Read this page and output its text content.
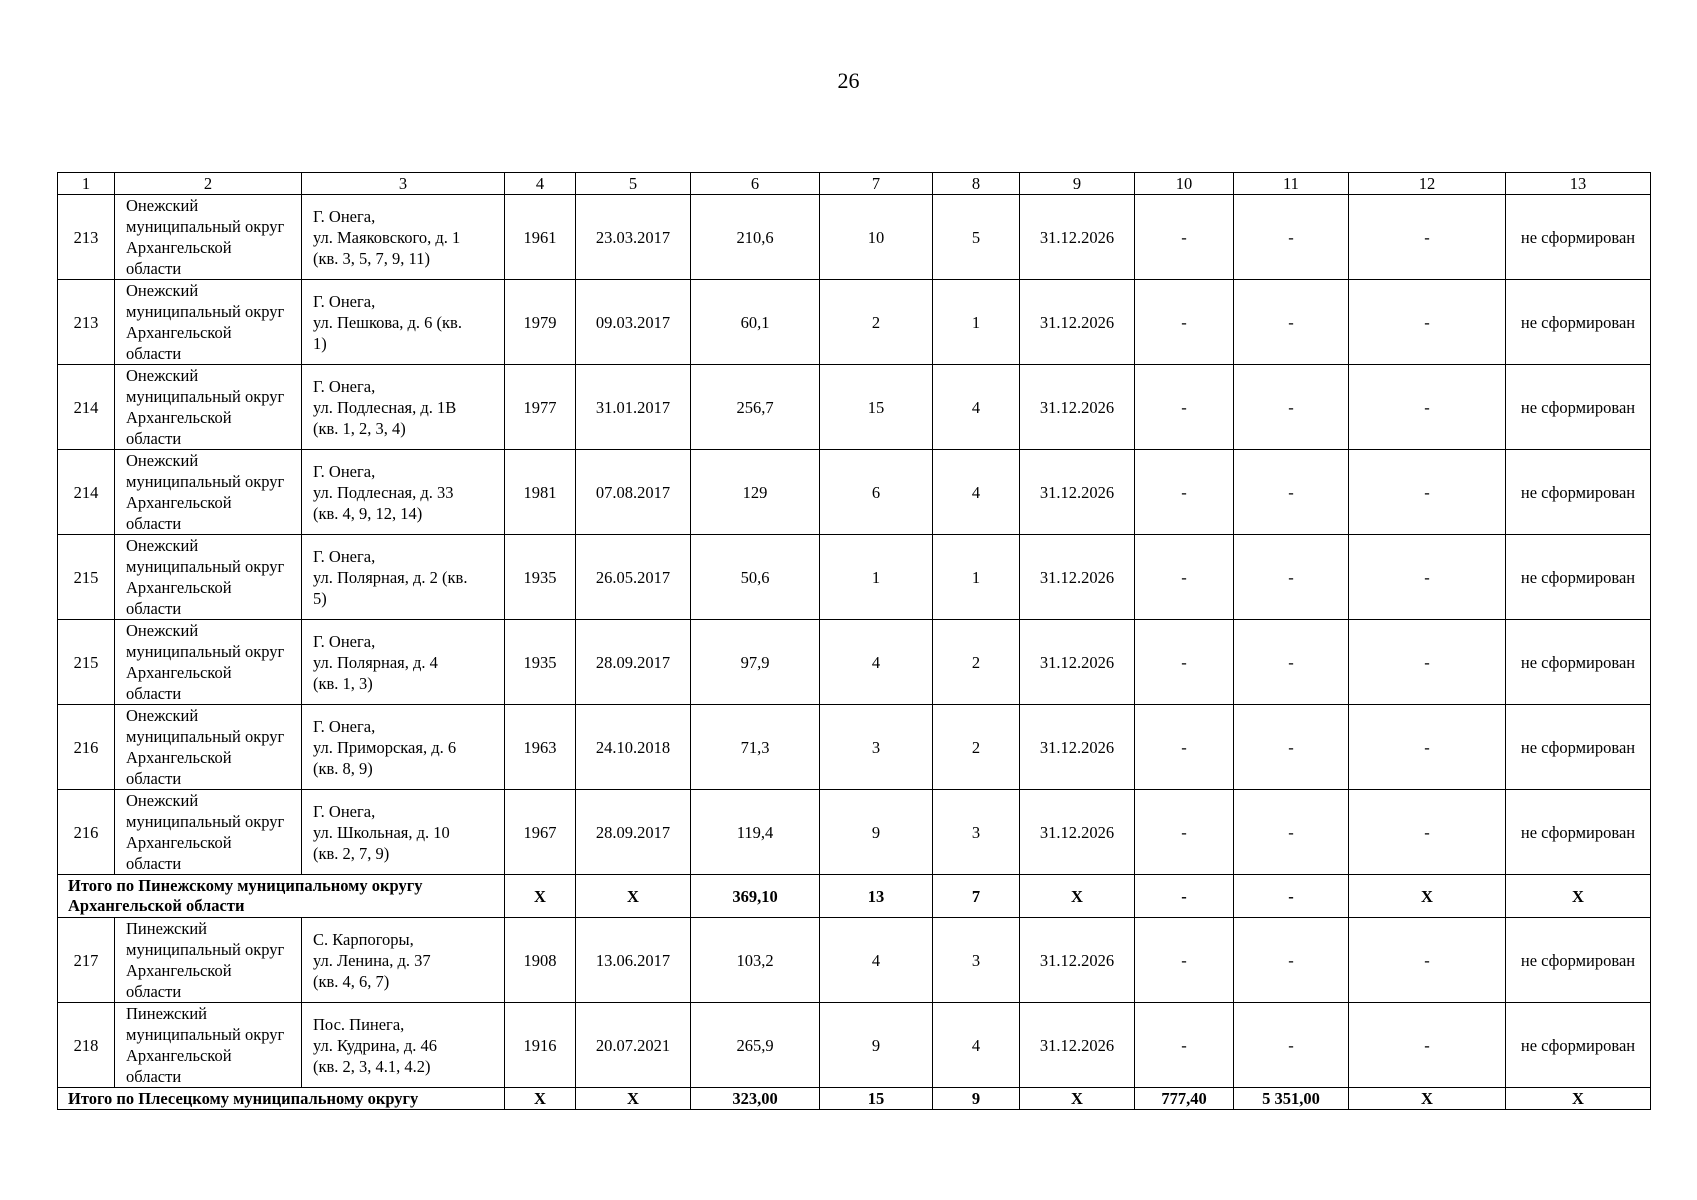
26
1	2	3	4	5	6	7	8	9	10	11	12	13
213	Онежский
муниципальный округ
Архангельской
области	Г. Онега,
ул. Маяковского, д. 1
(кв. 3, 5, 7, 9, 11)	1961	23.03.2017	210,6	10	5	31.12.2026	-	-	-	не сформирован
213	Онежский
муниципальный округ
Архангельской
области	Г. Онега,
ул. Пешкова, д. 6 (кв.
1)	1979	09.03.2017	60,1	2	1	31.12.2026	-	-	-	не сформирован
214	Онежский
муниципальный округ
Архангельской
области	Г. Онега,
ул. Подлесная, д. 1В
(кв. 1, 2, 3, 4)	1977	31.01.2017	256,7	15	4	31.12.2026	-	-	-	не сформирован
214	Онежский
муниципальный округ
Архангельской
области	Г. Онега,
ул. Подлесная, д. 33
(кв. 4, 9, 12, 14)	1981	07.08.2017	129	6	4	31.12.2026	-	-	-	не сформирован
215	Онежский
муниципальный округ
Архангельской
области	Г. Онега,
ул. Полярная, д. 2 (кв.
5)	1935	26.05.2017	50,6	1	1	31.12.2026	-	-	-	не сформирован
215	Онежский
муниципальный округ
Архангельской
области	Г. Онега,
ул. Полярная, д. 4
(кв. 1, 3)	1935	28.09.2017	97,9	4	2	31.12.2026	-	-	-	не сформирован
216	Онежский
муниципальный округ
Архангельской
области	Г. Онега,
ул. Приморская, д. 6
(кв. 8, 9)	1963	24.10.2018	71,3	3	2	31.12.2026	-	-	-	не сформирован
216	Онежский
муниципальный округ
Архангельской
области	Г. Онега,
ул. Школьная, д. 10
(кв. 2, 7, 9)	1967	28.09.2017	119,4	9	3	31.12.2026	-	-	-	не сформирован

Итого по Пинежскому муниципальному округу
Архангельской области			X	X	369,10	13	7	X	-	-	X	X
217	Пинежский
муниципальный округ
Архангельской
области	С. Карпогоры,
ул. Ленина, д. 37
(кв. 4, 6, 7)	1908	13.06.2017	103,2	4	3	31.12.2026	-	-	-	не сформирован
218	Пинежский
муниципальный округ
Архангельской
области	Пос. Пинега,
ул. Кудрина, д. 46
(кв. 2, 3, 4.1, 4.2)	1916	20.07.2021	265,9	9	4	31.12.2026	-	-	-	не сформирован
Итого по Плесецкому муниципальному округу			X	X	323,00	15	9	X	777,40	5 351,00	X	X
